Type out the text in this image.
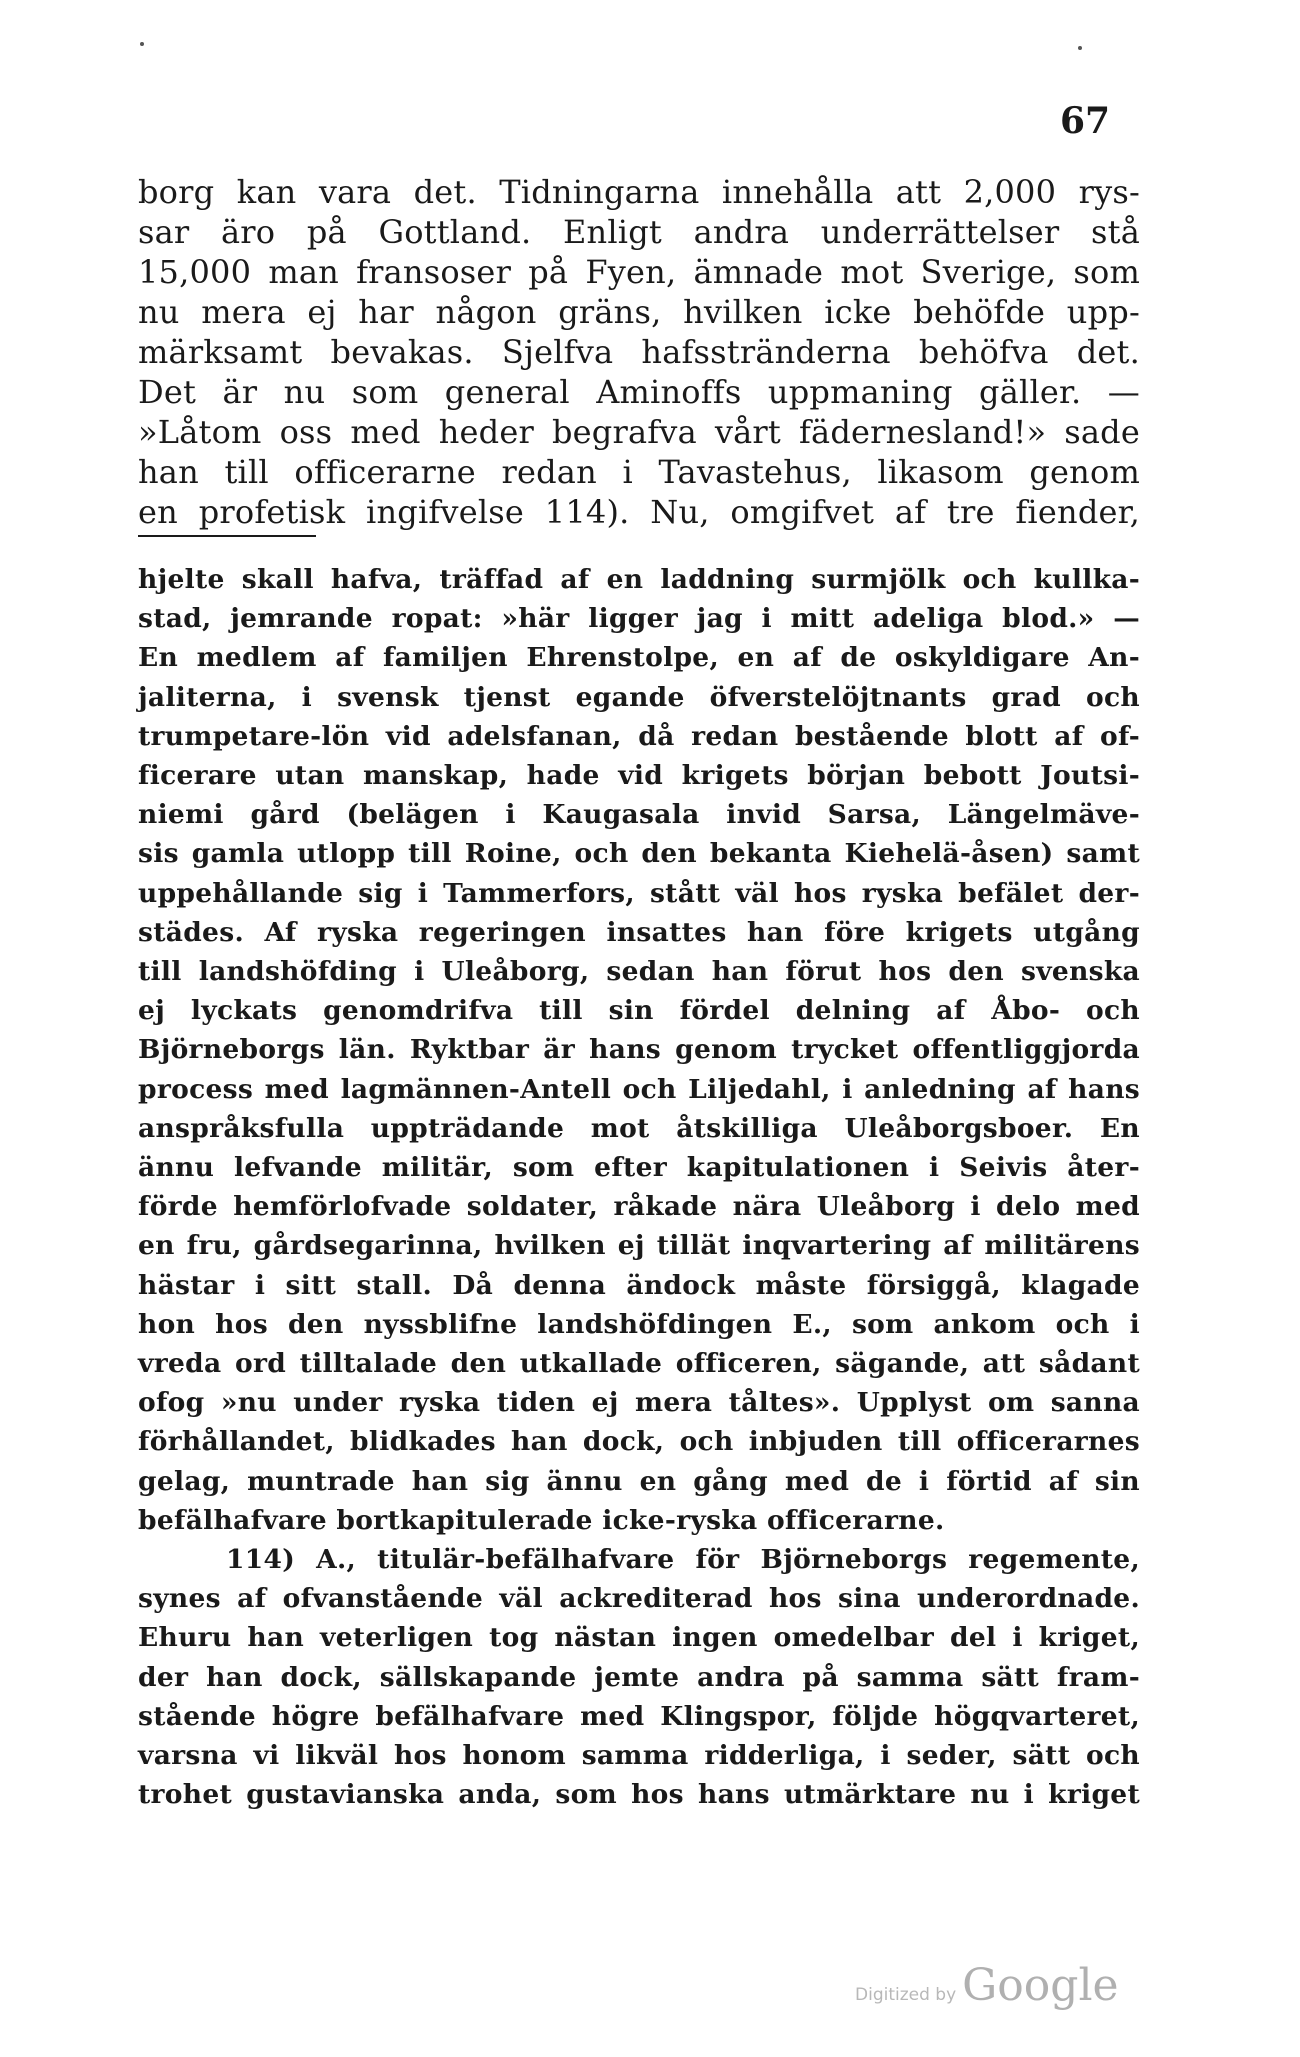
67
borg kan vara det. Tidningarna innehålla att 2,000 rys-
sar äro på Gottland. Enligt andra underrättelser stå
15,000 man fransoser på Fyen, ämnade mot Sverige, som
nu mera ej har någon gräns, hvilken icke behöfde upp-
märksamt bevakas. Sjelfva hafsstränderna behöfva det.
Det är nu som general Aminoffs uppmaning gäller. —
»Låtom oss med heder begrafva vårt fädernesland!» sade
han till officerarne redan i Tavastehus, likasom genom
en profetisk ingifvelse 114). Nu, omgifvet af tre fiender,
hjelte skall hafva, träffad af en laddning surmjölk och kullka-
stad, jemrande ropat: »här ligger jag i mitt adeliga blod.» —
En medlem af familjen Ehrenstolpe, en af de oskyldigare An-
jaliterna, i svensk tjenst egande öfverstelöjtnants grad och
trumpetare-lön vid adelsfanan, då redan bestående blott af of-
ficerare utan manskap, hade vid krigets början bebott Joutsi-
niemi gård (belägen i Kaugasala invid Sarsa, Längelmäve-
sis gamla utlopp till Roine, och den bekanta Kiehelä-åsen) samt
uppehållande sig i Tammerfors, stått väl hos ryska befälet der-
städes. Af ryska regeringen insattes han före krigets utgång
till landshöfding i Uleåborg, sedan han förut hos den svenska
ej lyckats genomdrifva till sin fördel delning af Åbo- och
Björneborgs län. Ryktbar är hans genom trycket offentliggjorda
process med lagmännen-Antell och Liljedahl, i anledning af hans
anspråksfulla uppträdande mot åtskilliga Uleåborgsboer. En
ännu lefvande militär, som efter kapitulationen i Seivis åter-
förde hemförlofvade soldater, råkade nära Uleåborg i delo med
en fru, gårdsegarinna, hvilken ej tillät inqvartering af militärens
hästar i sitt stall. Då denna ändock måste försiggå, klagade
hon hos den nyssblifne landshöfdingen E., som ankom och i
vreda ord tilltalade den utkallade officeren, sägande, att sådant
ofog »nu under ryska tiden ej mera tåltes». Upplyst om sanna
förhållandet, blidkades han dock, och inbjuden till officerarnes
gelag, muntrade han sig ännu en gång med de i förtid af sin
befälhafvare bortkapitulerade icke-ryska officerarne.
114) A., titulär-befälhafvare för Björneborgs regemente,
synes af ofvanstående väl ackrediterad hos sina underordnade.
Ehuru han veterligen tog nästan ingen omedelbar del i kriget,
der han dock, sällskapande jemte andra på samma sätt fram-
stående högre befälhafvare med Klingspor, följde högqvarteret,
varsna vi likväl hos honom samma ridderliga, i seder, sätt och
trohet gustavianska anda, som hos hans utmärktare nu i kriget
Digitized by Google
